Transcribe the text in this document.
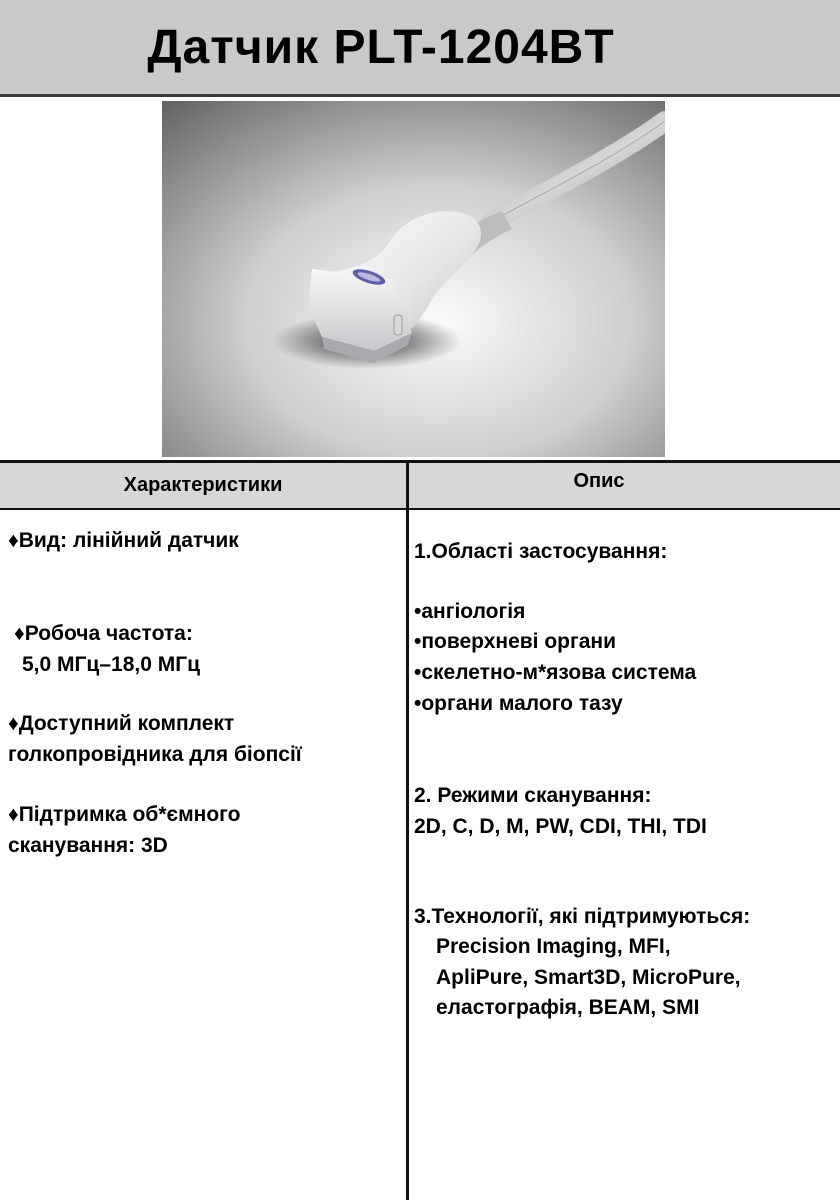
Датчик PLT-1204BT
Характеристики	Опис
♦Вид: лінійний датчик
♦Робоча частота:
5,0 МГц–18,0 МГц
♦Доступний комплект
голкопровідника для біопсії
♦Підтримка об*ємного
сканування: 3D
1.Області застосування:
•ангіологія
•поверхневі органи
•скелетно-м*язова система
•органи малого тазу
2. Режими сканування:
2D, C, D, M, PW, CDI, THI, TDI
3.Технології, які підтримуються:
Precision Imaging, MFI,
ApliPure, Smart3D, MicroPure,
еластографія, BEAM, SMI
